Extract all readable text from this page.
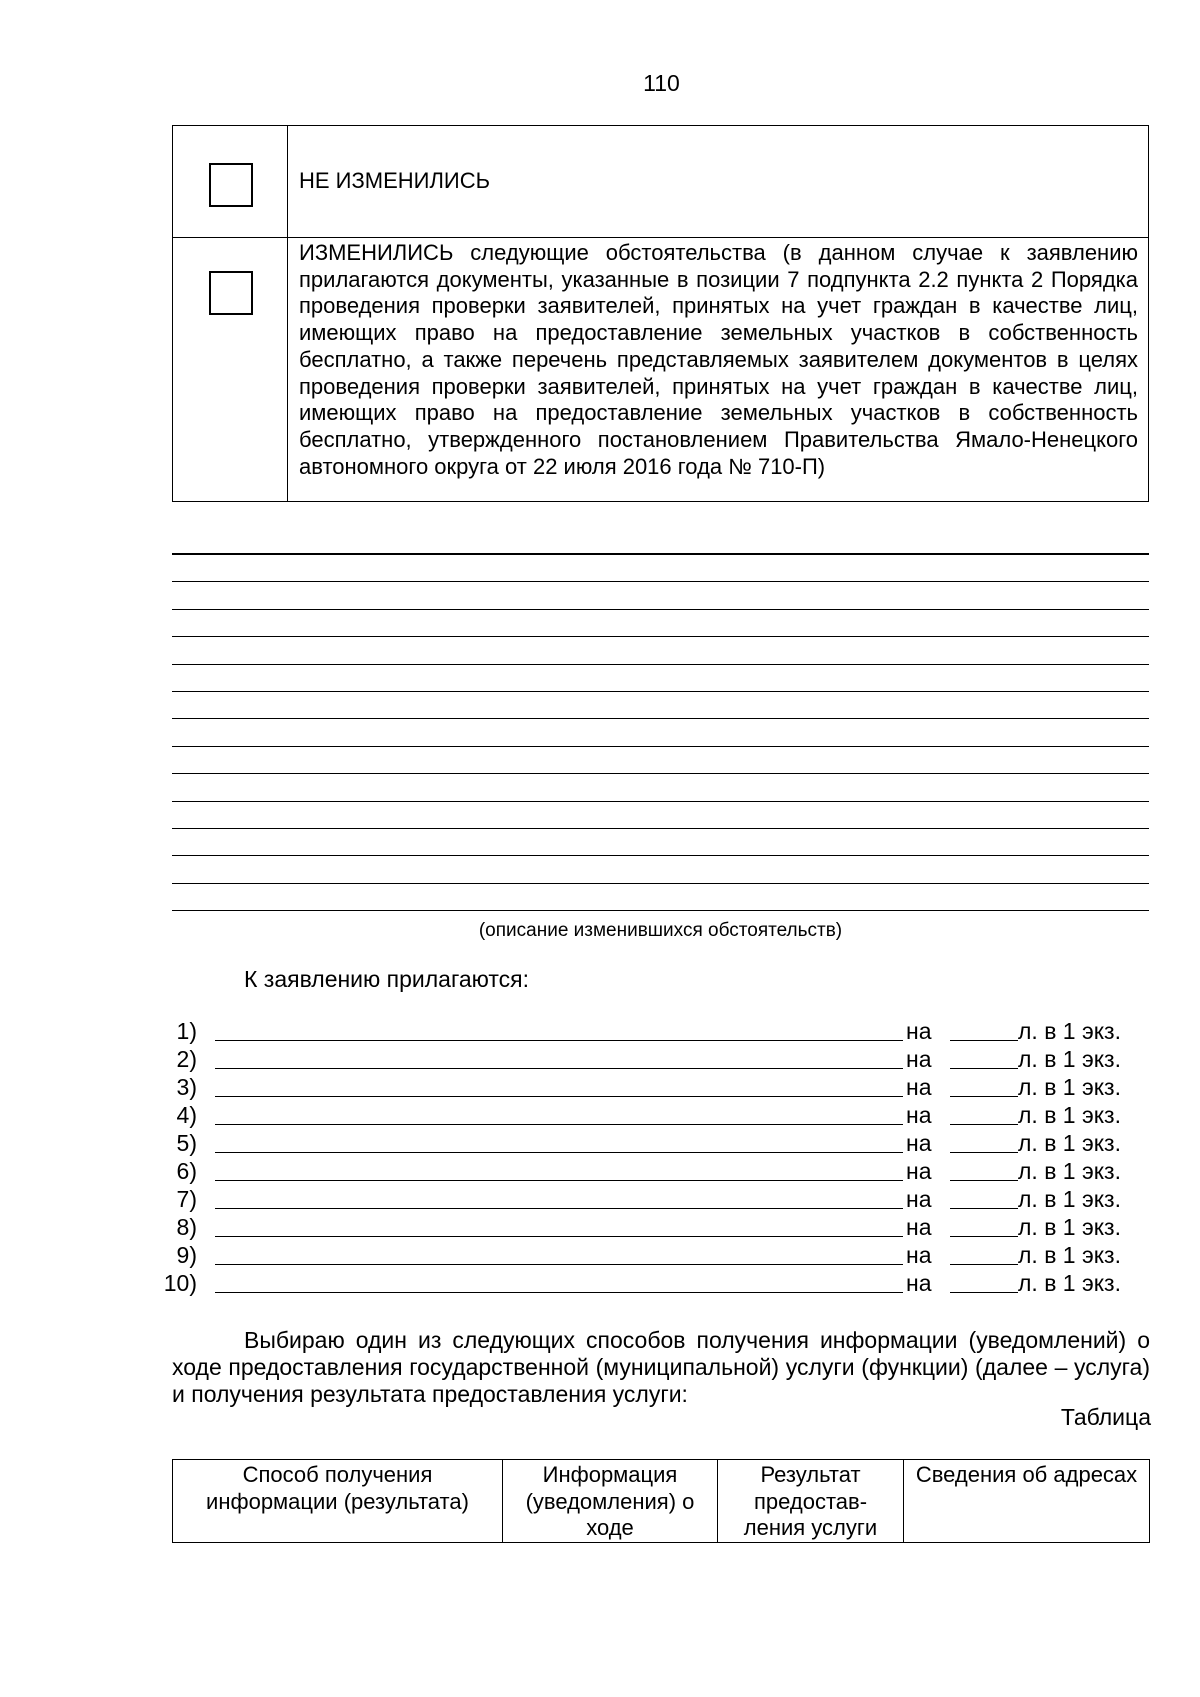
110
	НЕ ИЗМЕНИЛИСЬ

	ИЗМЕНИЛИСЬ следующие обстоятельства (в данном случае к заявлению прилагаются документы, указанные в позиции 7 подпункта 2.2 пункта 2 Порядка проведения проверки заявителей, принятых на учет граждан в качестве лиц, имеющих право на предоставление земельных участков в собственность бесплатно, а также перечень представляемых заявителем документов в целях проведения проверки заявителей, принятых на учет граждан в качестве лиц, имеющих право на предоставление земельных участков в собственность бесплатно, утвержденного постановлением Правительства Ямало-Ненецкого автономного округа от 22 июля 2016 года № 710-П)
(описание изменившихся обстоятельств)
К заявлению прилагаются:
1)	на	л. в 1 экз.
2)	на	л. в 1 экз.
3)	на	л. в 1 экз.
4)	на	л. в 1 экз.
5)	на	л. в 1 экз.
6)	на	л. в 1 экз.
7)	на	л. в 1 экз.
8)	на	л. в 1 экз.
9)	на	л. в 1 экз.
10)	на	л. в 1 экз.
Выбираю один из следующих способов получения информации (уведомлений) о ходе предоставления государственной (муниципальной) услуги (функции) (далее – услуга) и получения результата предоставления услуги:
Таблица
Способ получения информации (результата)	Информация (уведомления) о ходе	Результат предостав-ления услуги	Сведения об адресах
